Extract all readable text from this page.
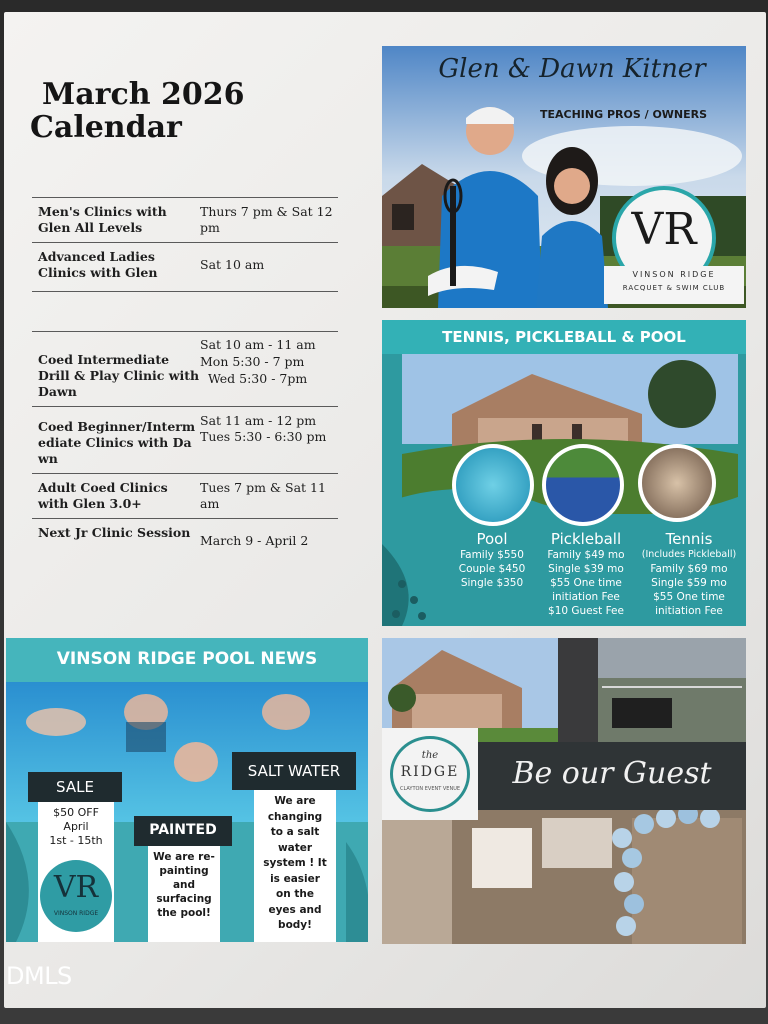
March 2026
Calendar
Men's Clinics with Glen All Levels
Thurs 7 pm & Sat 12 pm
Advanced Ladies Clinics with Glen
Sat 10 am
Coed Intermediate Drill & Play Clinic with Dawn
Sat 10 am - 11 am
Mon 5:30 - 7 pm
Wed 5:30 - 7pm
Coed Beginner/Intermediate Clinics with Dawn
Sat 11 am - 12 pm
Tues 5:30 - 6:30 pm
Adult Coed Clinics with Glen 3.0+
Tues 7 pm & Sat 11 am
Next Jr Clinic Session
March 9 - April 2
Glen & Dawn Kitner
TEACHING PROS / OWNERS
VR
VINSON RIDGE
RACQUET & SWIM CLUB
TENNIS, PICKLEBALL & POOL
Pool
Family $550
Couple $450
Single $350
Pickleball
Family $49 mo
Single $39 mo
$55 One time
initiation Fee
$10 Guest Fee
Tennis
(Includes Pickleball)
Family $69 mo
Single $59 mo
$55 One time
initiation Fee
VINSON RIDGE POOL NEWS
SALE
$50 OFF
April
1st - 15th
VR
VINSON RIDGE
PAINTED
We are re-
painting
and
surfacing
the pool!
SALT WATER
We are
changing
to a salt
water
system ! It
is easier
on the
eyes and
body!
the
RIDGE
CLAYTON EVENT VENUE	Be our Guest
DMLS
